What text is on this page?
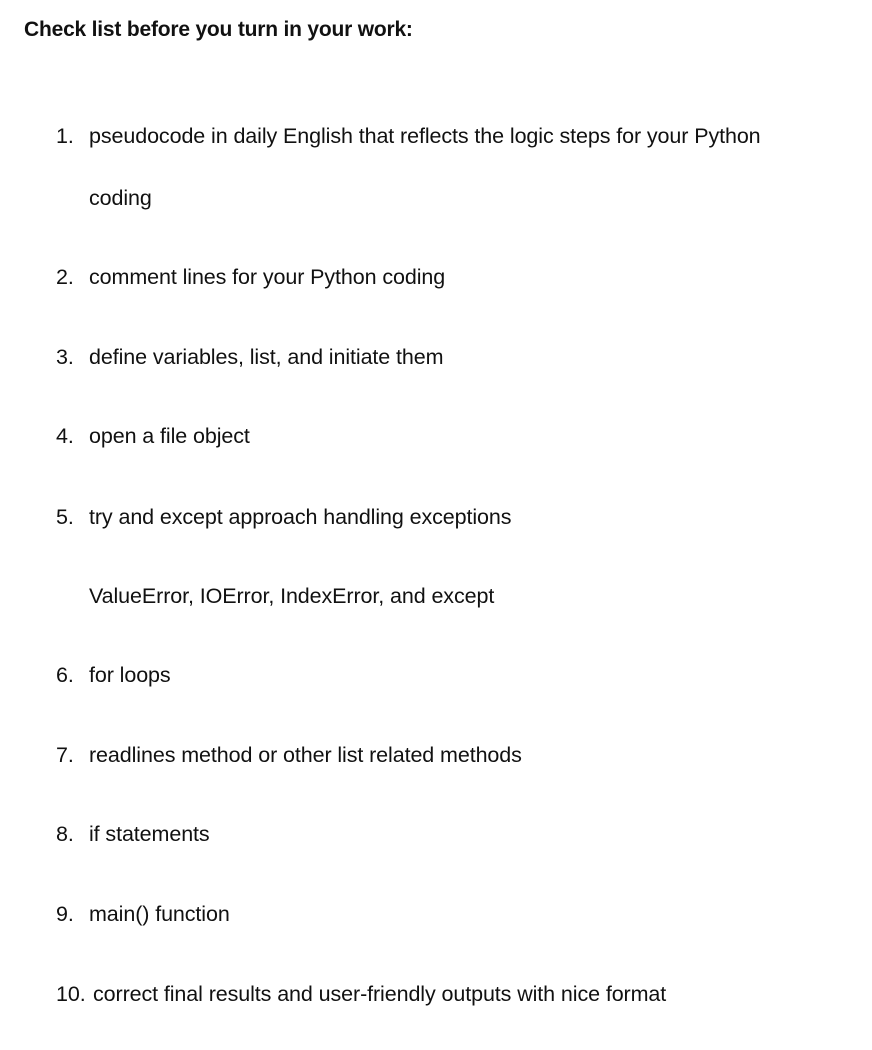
Check list before you turn in your work:
1. pseudocode in daily English that reflects the logic steps for your Python
coding
2. comment lines for your Python coding
3. define variables, list, and initiate them
4. open a file object
5. try and except approach handling exceptions
ValueError, IOError, IndexError, and except
6. for loops
7. readlines method or other list related methods
8. if statements
9. main() function
10. correct final results and user-friendly outputs with nice format
